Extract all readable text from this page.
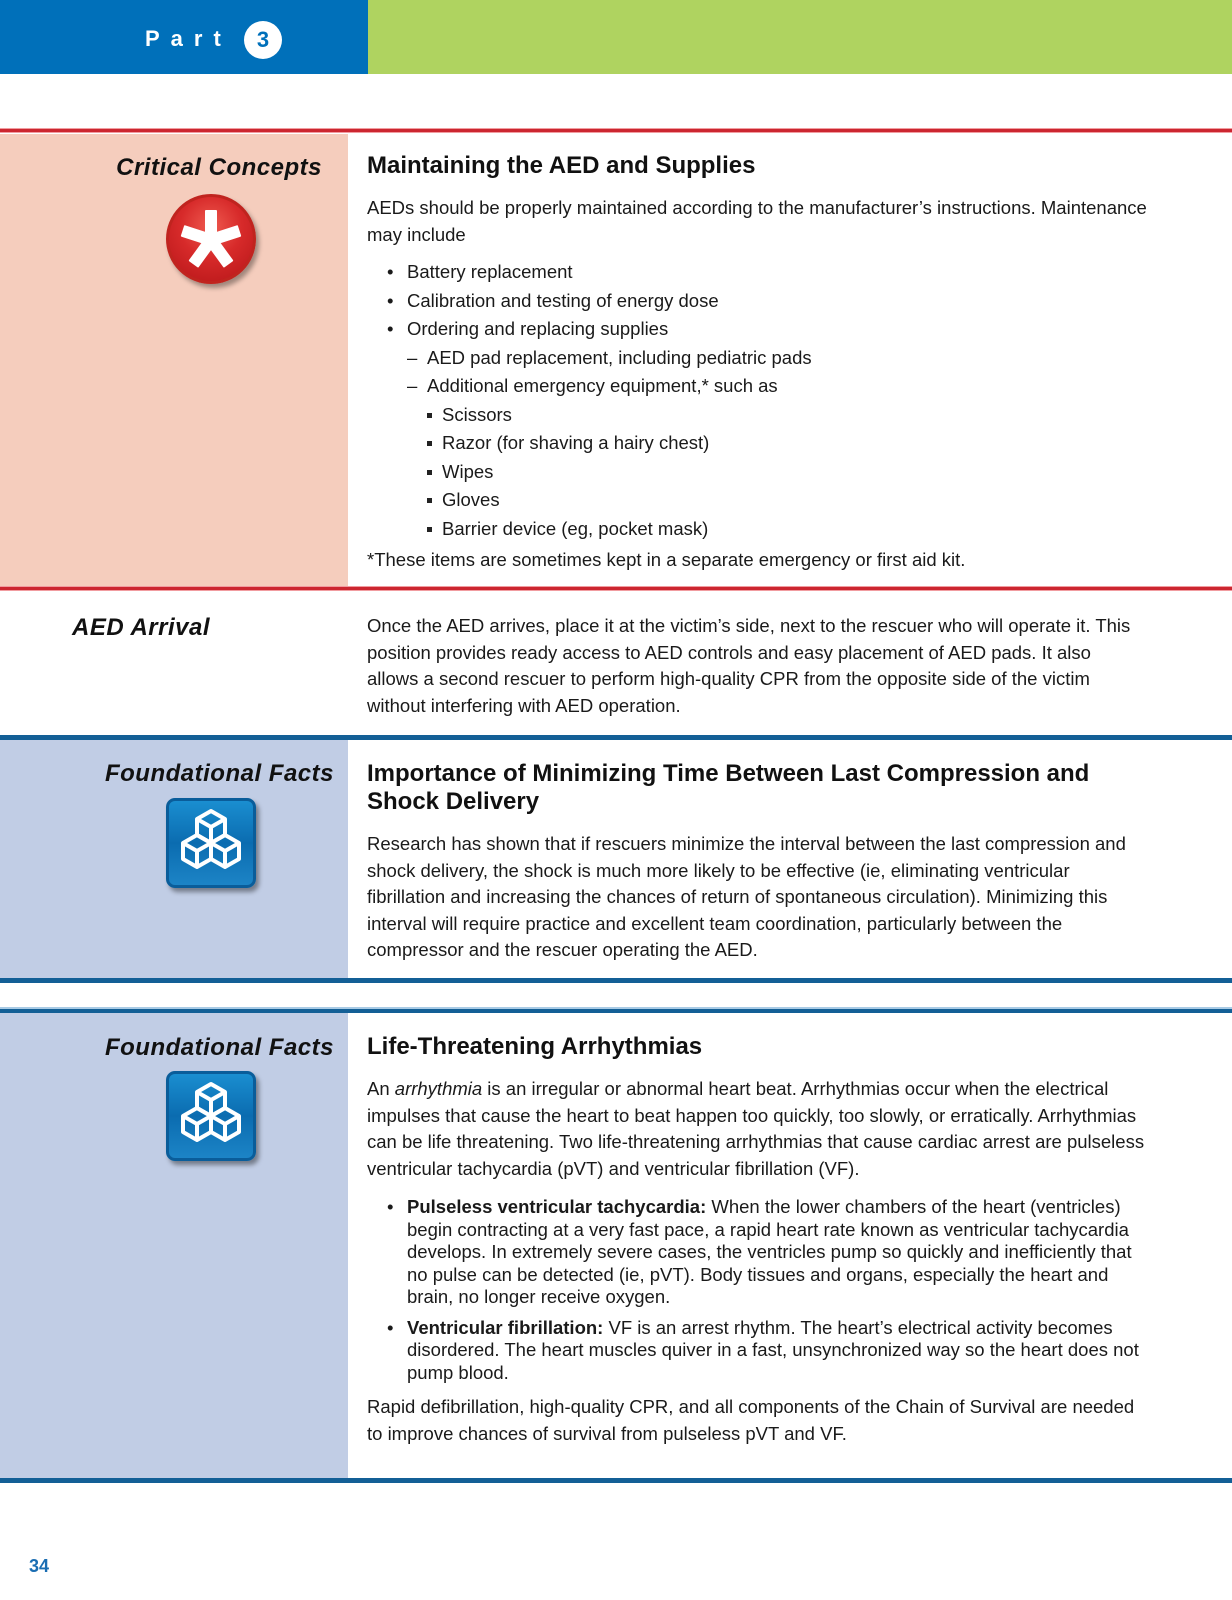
Part	3
Critical Concepts Maintaining the AED and Supplies

AEDs should be properly maintained according to the manufacturer’s instructions. Maintenance may include

• Battery replacement
• Calibration and testing of energy dose
• Ordering and replacing supplies
– AED pad replacement, including pediatric pads
– Additional emergency equipment,* such as
Scissors
Razor (for shaving a hairy chest)
Wipes
Gloves
Barrier device (eg, pocket mask)

*These items are sometimes kept in a separate emergency or first aid kit.

AED Arrival	Once the AED arrives, place it at the victim’s side, next to the rescuer who will operate it. This position provides ready access to AED controls and easy placement of AED pads. It also allows a second rescuer to perform high-quality CPR from the opposite side of the victim without interfering with AED operation.

Foundational Facts Importance of Minimizing Time Between Last Compression and Shock Delivery

Research has shown that if rescuers minimize the interval between the last compression and shock delivery, the shock is much more likely to be effective (ie, eliminating ventricular fibrillation and increasing the chances of return of spontaneous circulation). Minimizing this interval will require practice and excellent team coordination, particularly between the compressor and the rescuer operating the AED.

Foundational Facts Life-Threatening Arrhythmias

An arrhythmia is an irregular or abnormal heart beat. Arrhythmias occur when the electrical impulses that cause the heart to beat happen too quickly, too slowly, or erratically. Arrhythmias can be life threatening. Two life-threatening arrhythmias that cause cardiac arrest are pulseless ventricular tachycardia (pVT) and ventricular fibrillation (VF).

• Pulseless ventricular tachycardia: When the lower chambers of the heart (ventricles) begin contracting at a very fast pace, a rapid heart rate known as ventricular tachycardia develops. In extremely severe cases, the ventricles pump so quickly and inefficiently that no pulse can be detected (ie, pVT). Body tissues and organs, especially the heart and brain, no longer receive oxygen.
• Ventricular fibrillation: VF is an arrest rhythm. The heart’s electrical activity becomes disordered. The heart muscles quiver in a fast, unsynchronized way so the heart does not pump blood.

Rapid defibrillation, high-quality CPR, and all components of the Chain of Survival are needed to improve chances of survival from pulseless pVT and VF.

34
